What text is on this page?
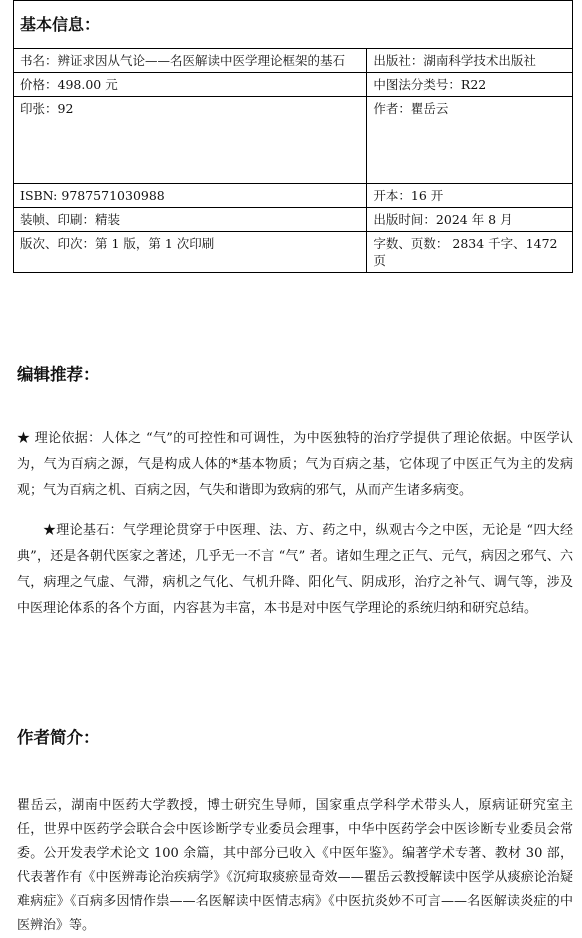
基本信息：	
书名：辨证求因从气论——名医解读中医学理论框架的基石	出版社：湖南科学技术出版社
价格：498.00 元	中图法分类号：R22
印张：92	作者：瞿岳云
ISBN: 9787571030988	开本：16 开
装帧、印刷：精装	出版时间：2024 年 8 月
版次、印次：第 1 版，第 1 次印刷	字数、页数： 2834 千字、1472 页
编辑推荐：

★ 理论依据：人体之 “气”的可控性和可调性，为中医独特的治疗学提供了理论依据。中医学认为，气为百病之源，气是构成人体的*基本物质；气为百病之基，它体现了中医正气为主的发病观；气为百病之机、百病之因，气失和谐即为致病的邪气，从而产生诸多病变。

★理论基石：气学理论贯穿于中医理、法、方、药之中，纵观古今之中医，无论是 “四大经典”，还是各朝代医家之著述，几乎无一不言 “气” 者。诸如生理之正气、元气，病因之邪气、六 气，病理之气虚、气滞，病机之气化、气机升降、阳化气、阴成形，治疗之补气、调气等，涉及中医理论体系的各个方面，内容甚为丰富，本书是对中医气学理论的系统归纳和研究总结。

作者简介：

瞿岳云，湖南中医药大学教授，博士研究生导师，国家重点学科学术带头人，原病证研究室主任，世界中医药学会联合会中医诊断学专业委员会理事，中华中医药学会中医诊断专业委员会常委。公开发表学术论文 100 余篇，其中部分已收入《中医年鉴》。编著学术专著、教材 30 部，代表著作有《中医辨毒论治疾病学》《沉疴取痰瘀显奇效——瞿岳云教授解读中医学从痰瘀论治疑难病症》《百病多因情作祟——名医解读中医情志病》《中医抗炎妙不可言——名医解读炎症的中医辨治》等。
